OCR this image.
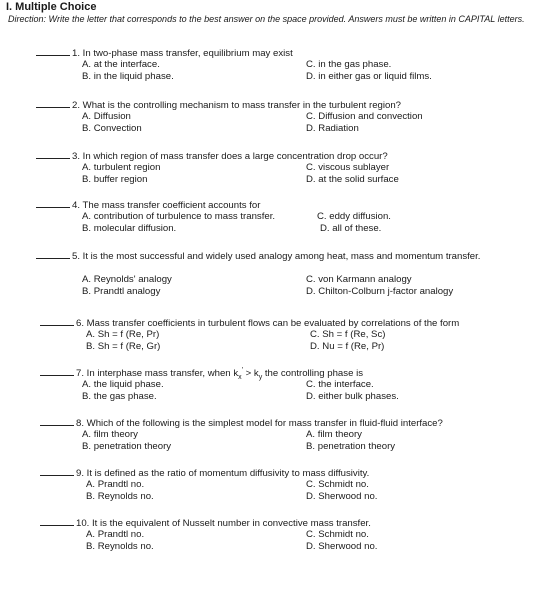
I. Multiple Choice
Direction: Write the letter that corresponds to the best answer on the space provided. Answers must be written in CAPITAL letters.
1. In two-phase mass transfer, equilibrium may exist
A. at the interface.
B. in the liquid phase.
C. in the gas phase.
D. in either gas or liquid films.
2. What is the controlling mechanism to mass transfer in the turbulent region?
A. Diffusion
B. Convection
C. Diffusion and convection
D. Radiation
3. In which region of mass transfer does a large concentration drop occur?
A. turbulent region
B. buffer region
C. viscous sublayer
D. at the solid surface
4. The mass transfer coefficient accounts for
A. contribution of turbulence to mass transfer.
B. molecular diffusion.
C. eddy diffusion.
D. all of these.
5. It is the most successful and widely used analogy among heat, mass and momentum transfer.
A. Reynolds' analogy
B. Prandtl analogy
C. von Karmann analogy
D. Chilton-Colburn j-factor analogy
6. Mass transfer coefficients in turbulent flows can be evaluated by correlations of the form
A. Sh = f (Re, Pr)
B. Sh = f (Re, Gr)
C. Sh = f (Re, Sc)
D. Nu = f (Re, Pr)
7. In interphase mass transfer, when $k_x' > k_y$ the controlling phase is
A. the liquid phase.
B. the gas phase.
C. the interface.
D. either bulk phases.
8. Which of the following is the simplest model for mass transfer in fluid-fluid interface?
A. film theory
B. penetration theory
A. film theory
B. penetration theory
9. It is defined as the ratio of momentum diffusivity to mass diffusivity.
A. Prandtl no.
B. Reynolds no.
C. Schmidt no.
D. Sherwood no.
10. It is the equivalent of Nusselt number in convective mass transfer.
A. Prandtl no.
B. Reynolds no.
C. Schmidt no.
D. Sherwood no.
